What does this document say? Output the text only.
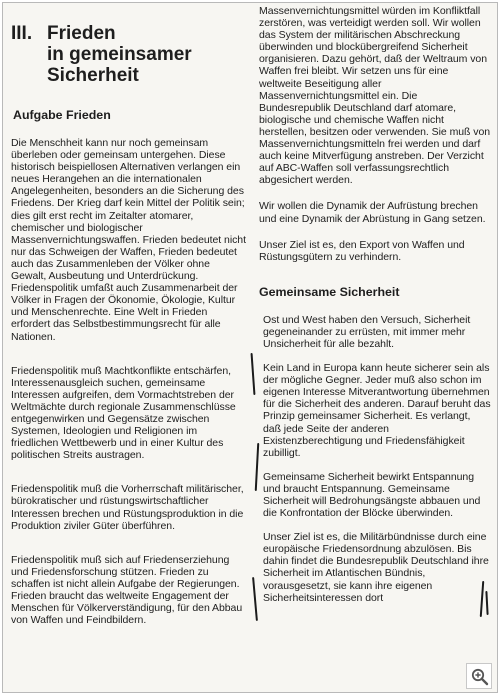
III. Frieden
in gemeinsamer
Sicherheit
Aufgabe Frieden

Die Menschheit kann nur noch gemeinsam überleben oder gemeinsam untergehen. Diese historisch beispiellosen Alternativen verlangen ein neues Herangehen an die internationalen Angelegenheiten, besonders an die Sicherung des Friedens. Der Krieg darf kein Mittel der Politik sein; dies gilt erst recht im Zeitalter atomarer, chemischer und biologischer Massenvernichtungswaffen. Frieden bedeutet nicht nur das Schweigen der Waffen, Frieden bedeutet auch das Zusammenleben der Völker ohne Gewalt, Ausbeutung und Unterdrückung. Friedenspolitik umfaßt auch Zusammenarbeit der Völker in Fragen der Ökonomie, Ökologie, Kultur und Menschenrechte. Eine Welt in Frieden erfordert das Selbstbestimmungsrecht für alle Nationen.

Friedenspolitik muß Machtkonflikte entschärfen, Interessenausgleich suchen, gemeinsame Interessen aufgreifen, dem Vormachtstreben der Weltmächte durch regionale Zusammenschlüsse entgegenwirken und Gegensätze zwischen Systemen, Ideologien und Religionen im friedlichen Wettbewerb und in einer Kultur des politischen Streits austragen.

Friedenspolitik muß die Vorherrschaft militärischer, bürokratischer und rüstungswirtschaftlicher Interessen brechen und Rüstungsproduktion in die Produktion ziviler Güter überführen.

Friedenspolitik muß sich auf Friedenserziehung und Friedensforschung stützen. Frieden zu schaffen ist nicht allein Aufgabe der Regierungen. Frieden braucht das weltweite Engagement der Menschen für Völkerverständigung, für den Abbau von Waffen und Feindbildern.

Massenvernichtungsmittel würden im Konfliktfall zerstören, was verteidigt werden soll. Wir wollen das System der militärischen Abschreckung überwinden und blockübergreifend Sicherheit organisieren. Dazu gehört, daß der Weltraum von Waffen frei bleibt. Wir setzen uns für eine weltweite Beseitigung aller Massenvernichtungsmittel ein. Die Bundesrepublik Deutschland darf atomare, biologische und chemische Waffen nicht herstellen, besitzen oder verwenden. Sie muß von Massenvernichtungsmitteln frei werden und darf auch keine Mitverfügung anstreben. Der Verzicht auf ABC-Waffen soll verfassungsrechtlich abgesichert werden.

Wir wollen die Dynamik der Aufrüstung brechen und eine Dynamik der Abrüstung in Gang setzen.

Unser Ziel ist es, den Export von Waffen und Rüstungsgütern zu verhindern.

Gemeinsame Sicherheit

Ost und West haben den Versuch, Sicherheit gegeneinander zu errüsten, mit immer mehr Unsicherheit für alle bezahlt.

Kein Land in Europa kann heute sicherer sein als der mögliche Gegner. Jeder muß also schon im eigenen Interesse Mitverantwortung übernehmen für die Sicherheit des anderen. Darauf beruht das Prinzip gemeinsamer Sicherheit. Es verlangt, daß jede Seite der anderen Existenzberechtigung und Friedensfähigkeit zubilligt.

Gemeinsame Sicherheit bewirkt Entspannung und braucht Entspannung. Gemeinsame Sicherheit will Bedrohungsängste abbauen und die Konfrontation der Blöcke überwinden.

Unser Ziel ist es, die Militärbündnisse durch eine europäische Friedensordnung abzulösen. Bis dahin findet die Bundesrepublik Deutschland ihre Sicherheit im Atlantischen Bündnis, vorausgesetzt, sie kann ihre eigenen Sicherheitsinteressen dort
